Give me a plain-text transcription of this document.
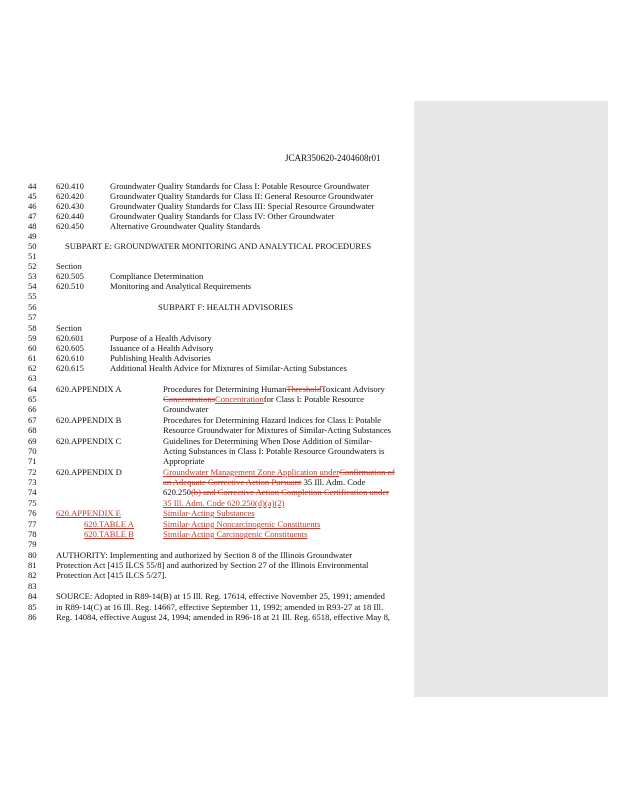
JCAR350620-2404608r01
44	620.410	Groundwater Quality Standards for Class I: Potable Resource Groundwater
45	620.420	Groundwater Quality Standards for Class II: General Resource Groundwater
46	620.430	Groundwater Quality Standards for Class III: Special Resource Groundwater
47	620.440	Groundwater Quality Standards for Class IV: Other Groundwater
48	620.450	Alternative Groundwater Quality Standards
49
50	SUBPART E: GROUNDWATER MONITORING AND ANALYTICAL PROCEDURES
51
52	Section
53	620.505	Compliance Determination
54	620.510	Monitoring and Analytical Requirements
55
56	SUBPART F: HEALTH ADVISORIES
57
58	Section
59	620.601	Purpose of a Health Advisory
60	620.605	Issuance of a Health Advisory
61	620.610	Publishing Health Advisories
62	620.615	Additional Health Advice for Mixtures of Similar-Acting Substances
63
64	620.APPENDIX A	Procedures for Determining HumanThresholdToxicant Advisory
65	ConcentrationsConcentrationfor Class I: Potable Resource
66	Groundwater
67	620.APPENDIX B	Procedures for Determining Hazard Indices for Class I: Potable
68	Resource Groundwater for Mixtures of Similar-Acting Substances
69	620.APPENDIX C	Guidelines for Determining When Dose Addition of Similar-
70	Acting Substances in Class I: Potable Resource Groundwaters is
71	Appropriate
72	620.APPENDIX D	Groundwater Management Zone Application underConfirmation of
73	an Adequate Corrective Action Pursuant 35 Ill. Adm. Code
74	620.250(b) and Corrective Action Completion Certification under
75	35 Ill. Adm. Code 620.250(d)(a)(2)
76	620.APPENDIX E	Similar-Acting Substances
77	620.TABLE A	Similar-Acting Noncarcinogenic Constituents
78	620.TABLE B	Similar-Acting Carcinogenic Constituents
79
80	AUTHORITY: Implementing and authorized by Section 8 of the Illinois Groundwater
81	Protection Act [415 ILCS 55/8] and authorized by Section 27 of the Illinois Environmental
82	Protection Act [415 ILCS 5/27].
83
84	SOURCE: Adopted in R89-14(B) at 15 Ill. Reg. 17614, effective November 25, 1991; amended
85	in R89-14(C) at 16 Ill. Reg. 14667, effective September 11, 1992; amended in R93-27 at 18 Ill.
86	Reg. 14084, effective August 24, 1994; amended in R96-18 at 21 Ill. Reg. 6518, effective May 8,
